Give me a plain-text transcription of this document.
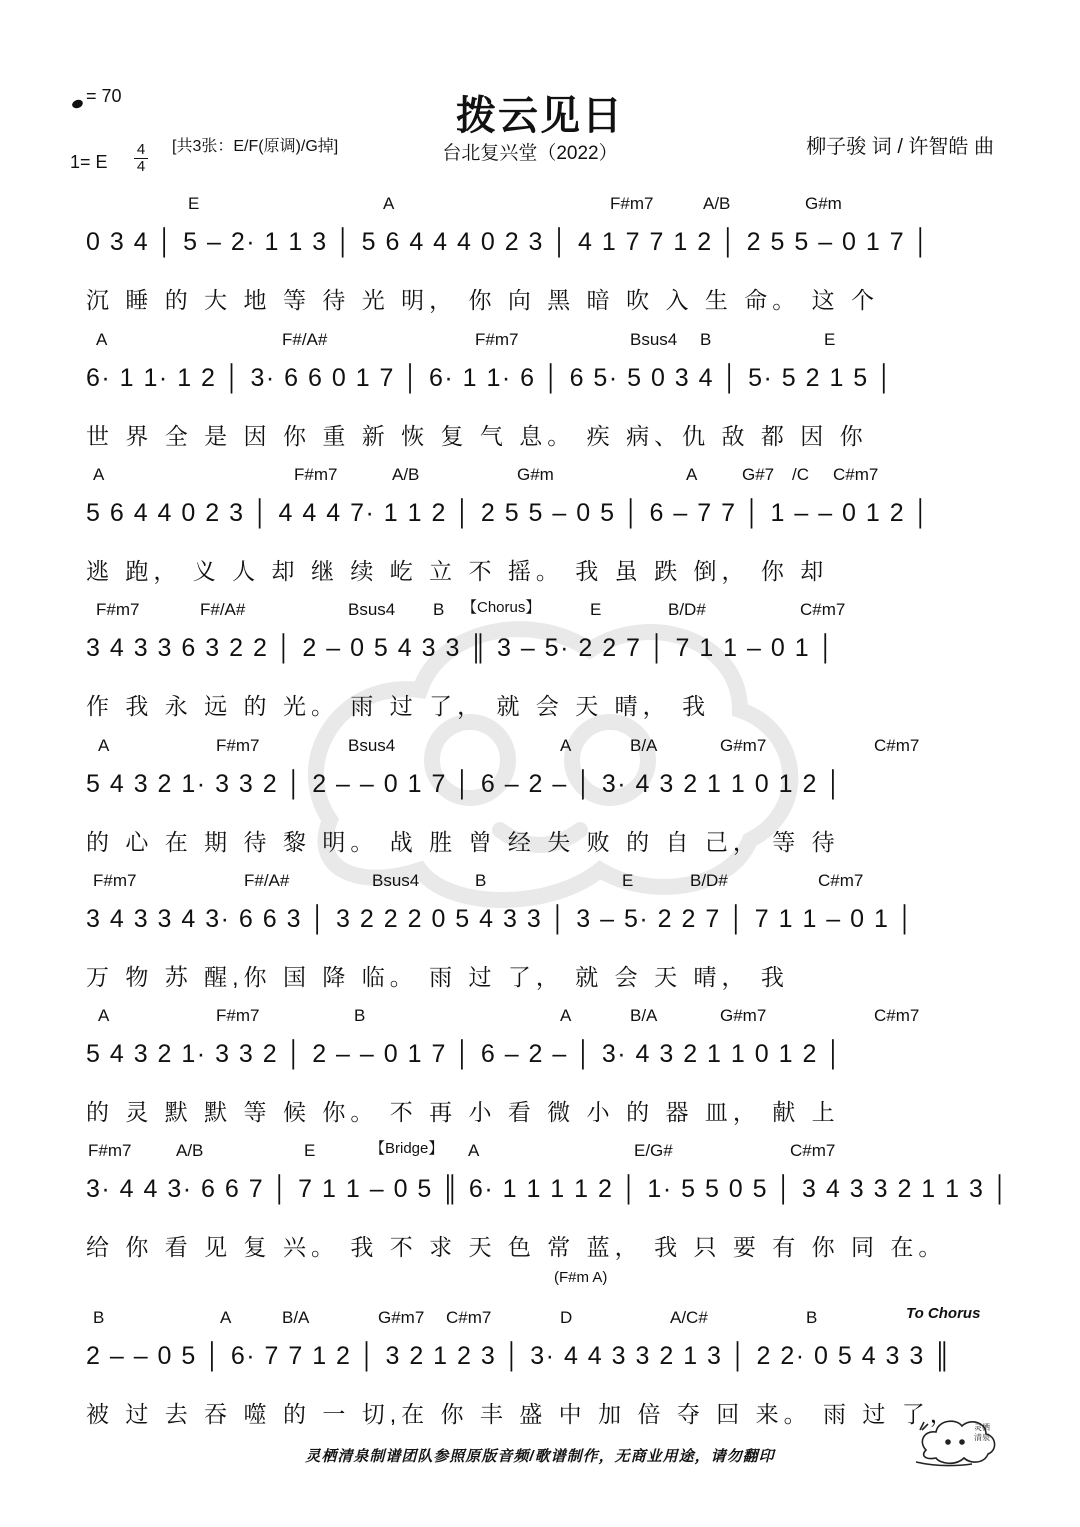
= 70	拨云见日
台北复兴堂（2022）	柳子骏 词 / 许智皓 曲
1= E
4
4
[共3张：E/F(原调)/G掉]
E	A	F#m7	A/B	G#m
0 3 4 │ 5 – 2· 1 1 3 │ 5 6 4 4 4 0 2 3 │ 4 1 7 7 1 2 │ 2 5 5 – 0 1 7 │
沉 睡 的 大 地 等 待 光 明， 你 向 黑 暗 吹 入 生 命。 这 个
A	F#/A#	F#m7	Bsus4 B	E
6· 1 1· 1 2 │ 3· 6 6 0 1 7 │ 6· 1 1· 6 │ 6 5· 5 0 3 4 │ 5· 5 2 1 5 │
世 界 全 是 因 你 重 新 恢 复 气 息。 疾 病、仇 敌 都 因 你
A	F#m7	A/B	G#m	A	G#7 /C C#m7
5 6 4 4 0 2 3 │ 4 4 4 7· 1 1 2 │ 2 5 5 – 0 5 │ 6 – 7 7 │ 1 – – 0 1 2 │
逃 跑， 义 人 却 继 续 屹 立 不 摇。 我 虽 跌 倒， 你 却
F#m7	F#/A#	Bsus4 B 【Chorus】	E	B/D#	C#m7
3 4 3 3 6 3 2 2 │ 2 – 0 5 4 3 3 ║ 3 – 5· 2 2 7 │ 7 1 1 – 0 1 │
作 我 永 远 的 光。 雨 过 了， 就 会 天 晴， 我
A	F#m7	Bsus4	A	B/A	G#m7	C#m7
5 4 3 2 1· 3 3 2 │ 2 – – 0 1 7 │ 6 – 2 – │ 3· 4 3 2 1 1 0 1 2 │
的 心 在 期 待 黎 明。 战 胜 曾 经 失 败 的 自 己， 等 待
F#m7	F#/A#	Bsus4	B	E	B/D#	C#m7
3 4 3 3 4 3· 6 6 3 │ 3 2 2 2 0 5 4 3 3 │ 3 – 5· 2 2 7 │ 7 1 1 – 0 1 │
万 物 苏 醒,你 国 降 临。 雨 过 了， 就 会 天 晴， 我
A	F#m7	B	A	B/A	G#m7	C#m7
5 4 3 2 1· 3 3 2 │ 2 – – 0 1 7 │ 6 – 2 – │ 3· 4 3 2 1 1 0 1 2 │
的 灵 默 默 等 候 你。 不 再 小 看 微 小 的 器 皿， 献 上
F#m7	A/B	E	【Bridge】 A	E/G#	C#m7
3· 4 4 3· 6 6 7 │ 7 1 1 – 0 5 ║ 6· 1 1 1 1 2 │ 1· 5 5 0 5 │ 3 4 3 3 2 1 1 3 │
给 你 看 见 复 兴。 我 不 求 天 色 常 蓝， 我 只 要 有 你 同 在。
(F#m A)
B	A	B/A	G#m7 C#m7	D	A/C#	B
2 – – 0 5 │ 6· 7 7 1 2 │ 3 2 1 2 3 │ 3· 4 4 3 3 2 1 3 │ 2 2· 0 5 4 3 3 ║
被 过 去 吞 噬 的 一 切,在 你 丰 盛 中 加 倍 夺 回 来。 雨 过 了，
To Chorus
灵栖清泉制谱团队参照原版音频/歌谱制作，无商业用途，请勿翻印
灵栖
清泉
